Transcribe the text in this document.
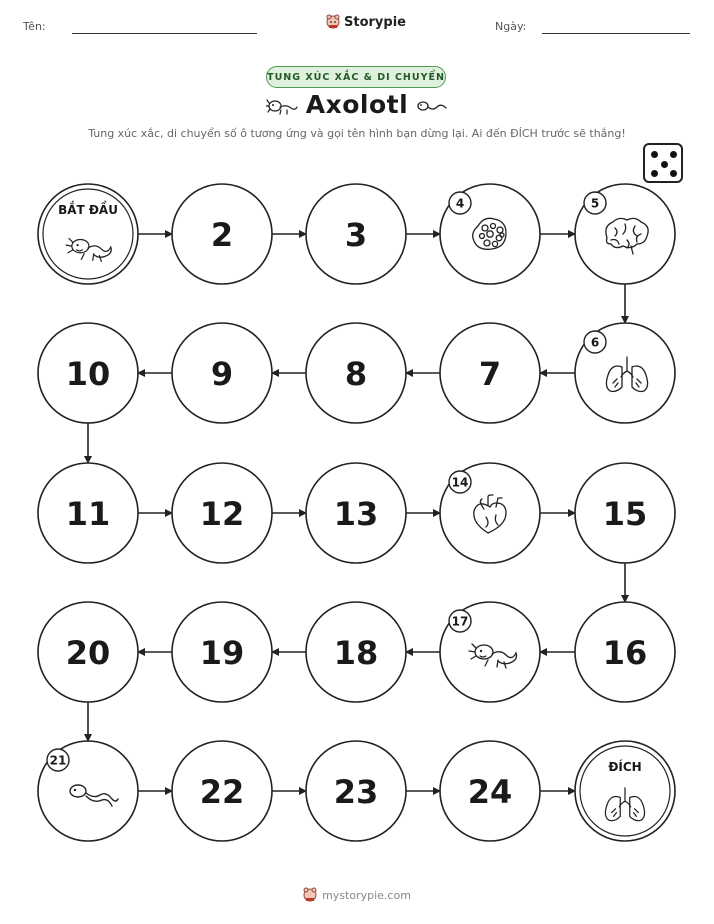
Tên:	Storypie	Ngày:
TUNG XÚC XẮC & DI CHUYỂN
Axolotl
Tung xúc xắc, di chuyển số ô tương ứng và gọi tên hình bạn dừng lại. Ai đến ĐÍCH trước sẽ thắng!
BẮT ĐẦU
2	3
4	5
6
7
8
9
10
11	12	13
14
15
16
17
18
19
20
21
22	23	24
ĐÍCH
mystorypie.com
